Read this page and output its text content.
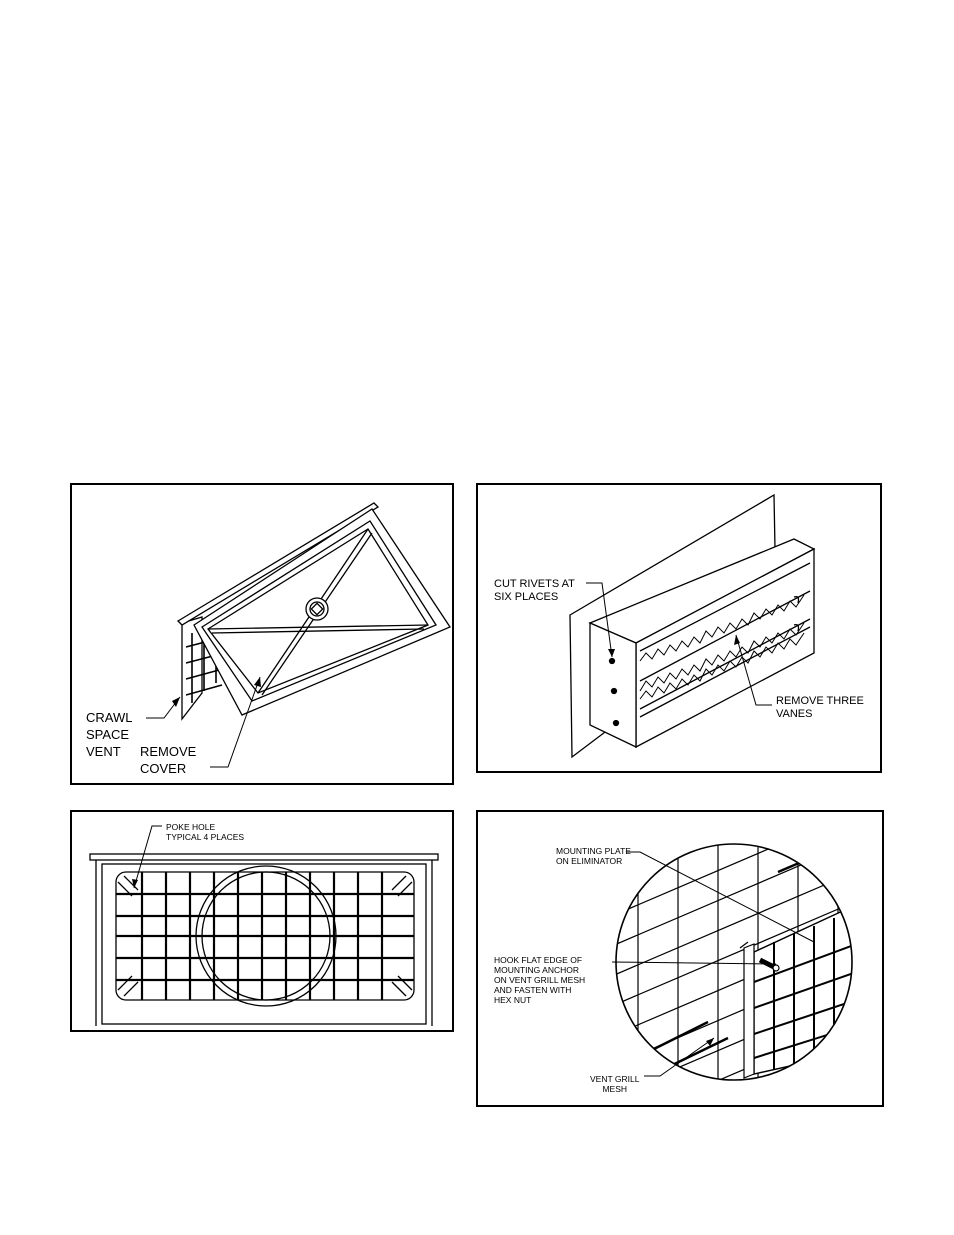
CRAWL
SPACE
VENT	REMOVE
COVER
CUT RIVETS AT
SIX PLACES
REMOVE THREE
VANES
POKE HOLE
TYPICAL 4 PLACES
MOUNTING PLATE
ON ELIMINATOR
HOOK FLAT EDGE OF
MOUNTING ANCHOR
ON VENT GRILL MESH
AND FASTEN WITH
HEX NUT
VENT GRILL
MESH
